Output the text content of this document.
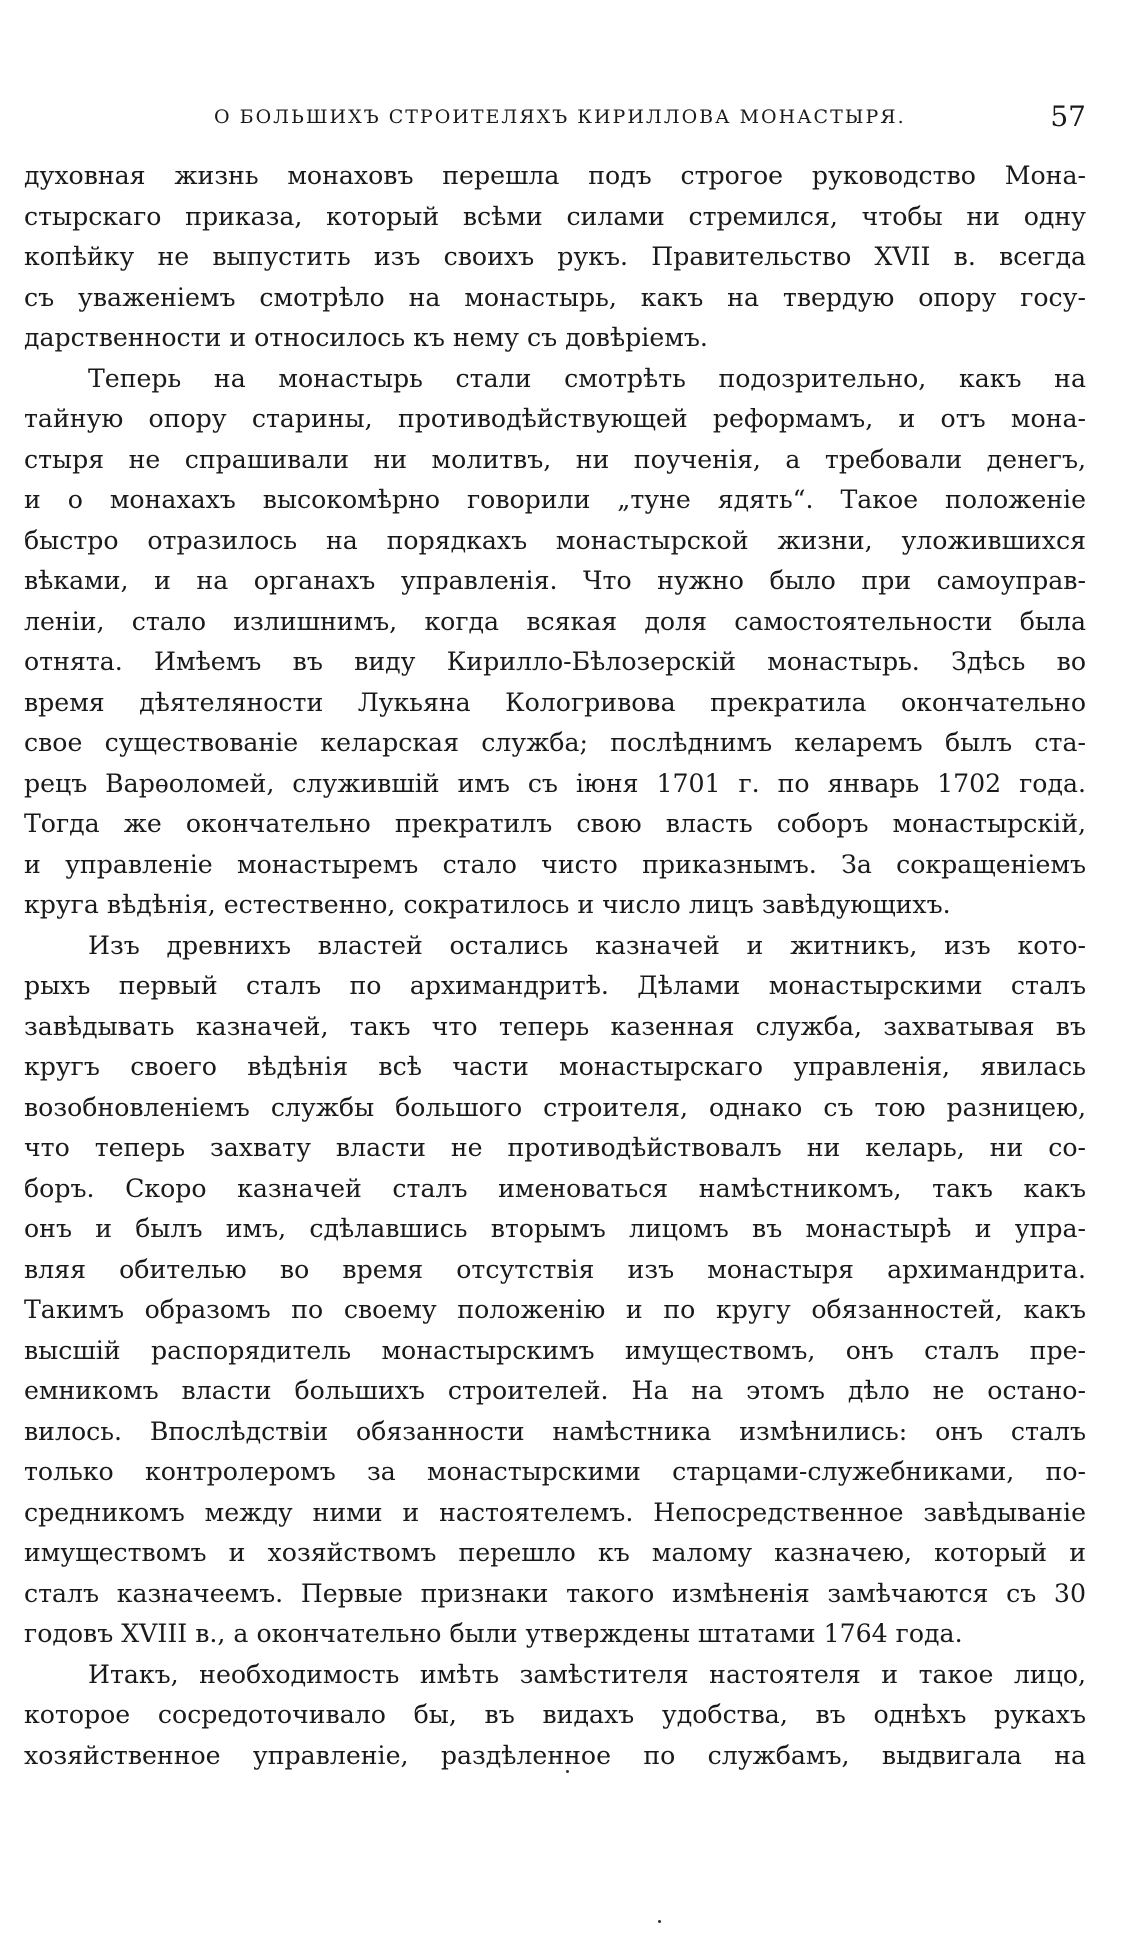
О БОЛЬШИХЪ СТРОИТЕЛЯХЪ КИРИЛЛОВА МОНАСТЫРЯ.	57
духовная жизнь монаховъ перешла подъ строгое руководство Мона-
стырскаго приказа, который всѣми силами стремился, чтобы ни одну
копѣйку не выпустить изъ своихъ рукъ. Правительство XVII в. всегда
съ уваженіемъ смотрѣло на монастырь, какъ на твердую опору госу-
дарственности и относилось къ нему съ довѣріемъ.
Теперь на монастырь стали смотрѣть подозрительно, какъ на
тайную опору старины, противодѣйствующей реформамъ, и отъ мона-
стыря не спрашивали ни молитвъ, ни поученія, а требовали денегъ,
и о монахахъ высокомѣрно говорили „туне ядять“. Такое положеніе
быстро отразилось на порядкахъ монастырской жизни, уложившихся
вѣками, и на органахъ управленія. Что нужно было при самоуправ-
леніи, стало излишнимъ, когда всякая доля самостоятельности была
отнята. Имѣемъ въ виду Кирилло-Бѣлозерскій монастырь. Здѣсь во
время дѣятеляности Лукьяна Кологривова прекратила окончательно
свое существованіе келарская служба; послѣднимъ келаремъ былъ ста-
рецъ Варѳоломей, служившій имъ съ іюня 1701 г. по январь 1702 года.
Тогда же окончательно прекратилъ свою власть соборъ монастырскій,
и управленіе монастыремъ стало чисто приказнымъ. За сокращеніемъ
круга вѣдѣнія, естественно, сократилось и число лицъ завѣдующихъ.
Изъ древнихъ властей остались казначей и житникъ, изъ кото-
рыхъ первый сталъ по архимандритѣ. Дѣлами монастырскими сталъ
завѣдывать казначей, такъ что теперь казенная служба, захватывая въ
кругъ своего вѣдѣнія всѣ части монастырскаго управленія, явилась
возобновленіемъ службы большого строителя, однако съ тою разницею,
что теперь захвату власти не противодѣйствовалъ ни келарь, ни со-
боръ. Скоро казначей сталъ именоваться намѣстникомъ, такъ какъ
онъ и былъ имъ, сдѣлавшись вторымъ лицомъ въ монастырѣ и упра-
вляя обителью во время отсутствія изъ монастыря архимандрита.
Такимъ образомъ по своему положенію и по кругу обязанностей, какъ
высшій распорядитель монастырскимъ имуществомъ, онъ сталъ пре-
емникомъ власти большихъ строителей. На на этомъ дѣло не остано-
вилось. Впослѣдствіи обязанности намѣстника измѣнились: онъ сталъ
только контролеромъ за монастырскими старцами-служебниками, по-
средникомъ между ними и настоятелемъ. Непосредственное завѣдываніе
имуществомъ и хозяйствомъ перешло къ малому казначею, который и
сталъ казначеемъ. Первые признаки такого измѣненія замѣчаются съ 30
годовъ XVIII в., а окончательно были утверждены штатами 1764 года.
Итакъ, необходимость имѣть замѣстителя настоятеля и такое лицо,
которое сосредоточивало бы, въ видахъ удобства, въ однѣхъ рукахъ
хозяйственное управленіе, раздѣленное по службамъ, выдвигала на
